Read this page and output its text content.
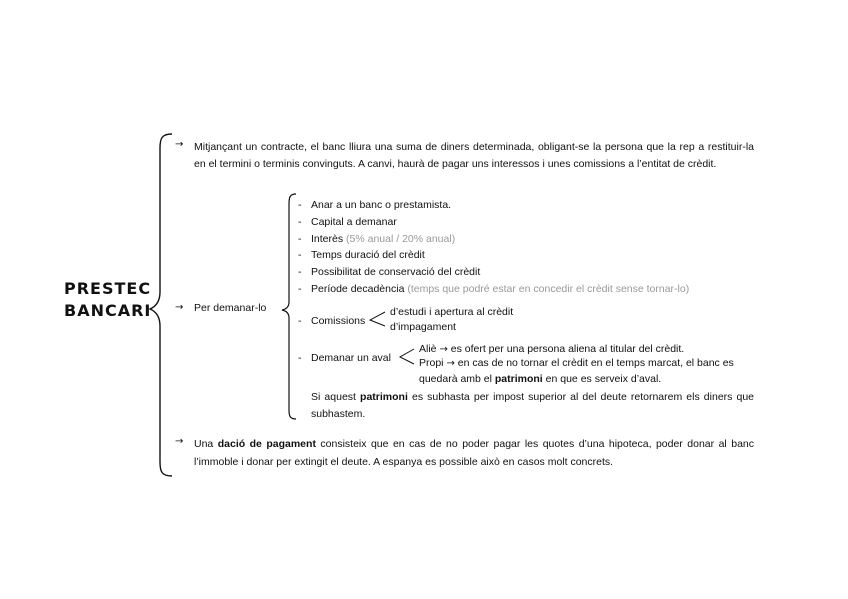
PRESTEC
BANCARI
→ Mitjançant un contracte, el banc lliura una suma de diners determinada, obligant-se la persona que la rep a restituir-la en el termini o terminis convinguts. A canvi, haurà de pagar uns interessos i unes comissions a l’entitat de crèdit.
→ Per demanar-lo
- Anar a un banc o prestamista.
- Capital a demanar
- Interès (5% anual / 20% anual)
- Temps duració del crèdit
- Possibilitat de conservació del crèdit
- Període decadència (temps que podré estar en concedir el crèdit sense tornar-lo)
- Comissions
d’estudi i apertura al crèdit
d’impagament
- Demanar un aval
Aliè → es ofert per una persona aliena al titular del crèdit.
Propi → en cas de no tornar el crèdit en el temps marcat, el banc es
quedarà amb el patrimoni en que es serveix d’aval.
Si aquest patrimoni es subhasta per impost superior al del deute retornarem els diners que subhastem.
→ Una dació de pagament consisteix que en cas de no poder pagar les quotes d’una hipoteca, poder donar al banc l’immoble i donar per extingit el deute. A espanya es possible això en casos molt concrets.
